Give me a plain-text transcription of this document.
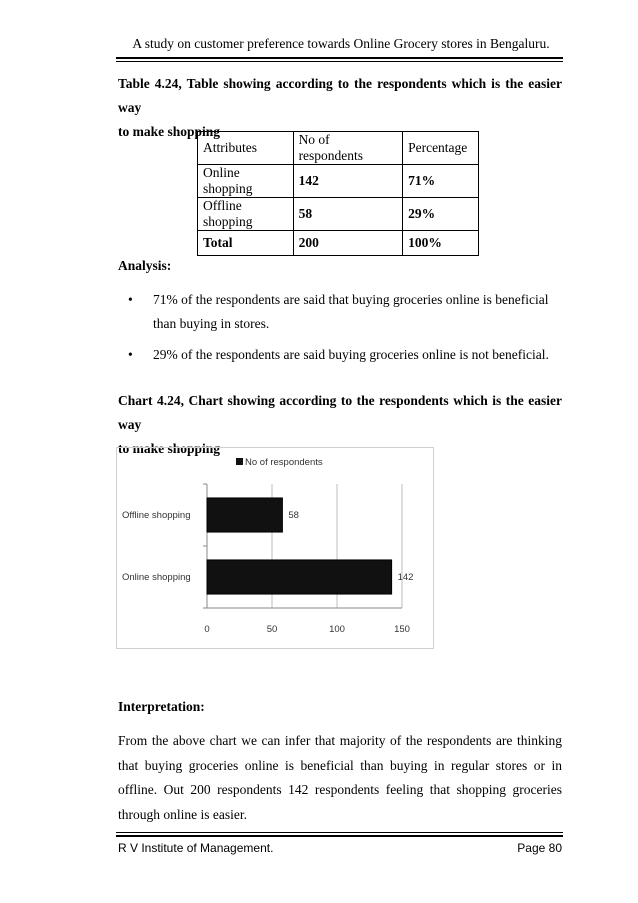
A study on customer preference towards Online Grocery stores in Bengaluru.
Table 4.24, Table showing according to the respondents which is the easier way
to make shopping
Attributes	No of respondents	Percentage
Online shopping	142	71%
Offline shopping	58	29%
Total	200	100%
Analysis:
• 71% of the respondents are said that buying groceries online is beneficial than buying in stores.
• 29% of the respondents are said buying groceries online is not beneficial.
Chart 4.24, Chart showing according to the respondents which is the easier way
to make shopping
0	50	100	150
Offline shopping	58
Online shopping	142
No of respondents
Interpretation:
From the above chart we can infer that majority of the respondents are thinking that buying groceries online is beneficial than buying in regular stores or in offline. Out 200 respondents 142 respondents feeling that shopping groceries through online is easier.
R V Institute of Management.	Page 80
